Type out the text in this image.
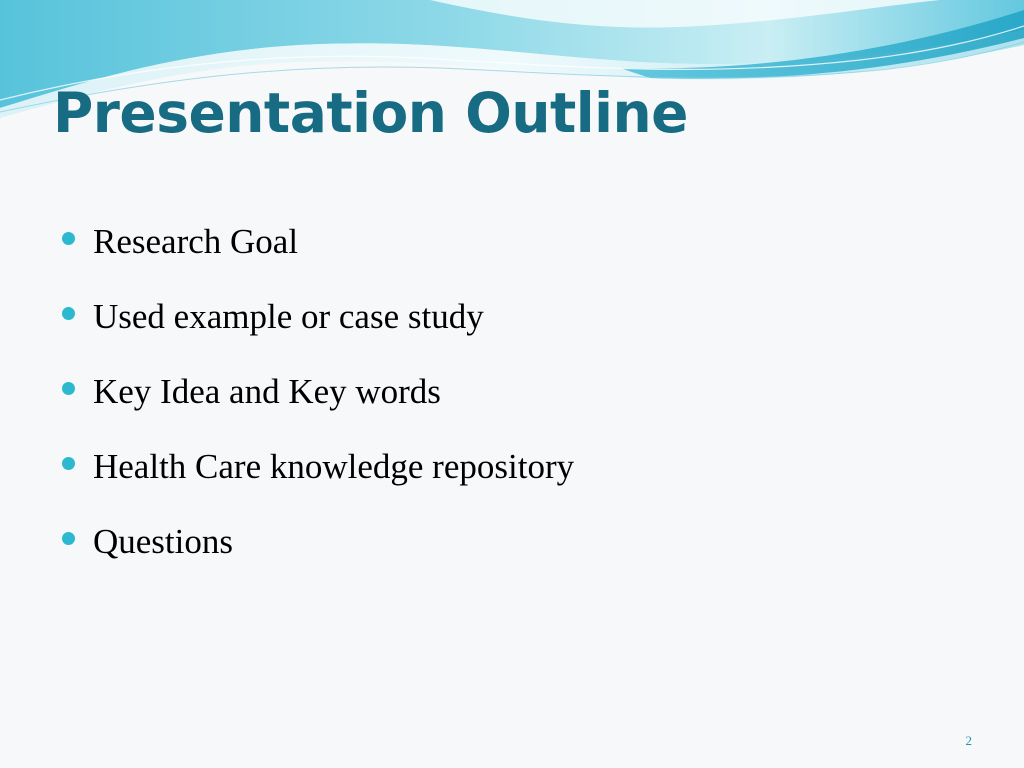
Presentation Outline
Research Goal
Used example or case study
Key Idea and Key words
Health Care knowledge repository
Questions
2
